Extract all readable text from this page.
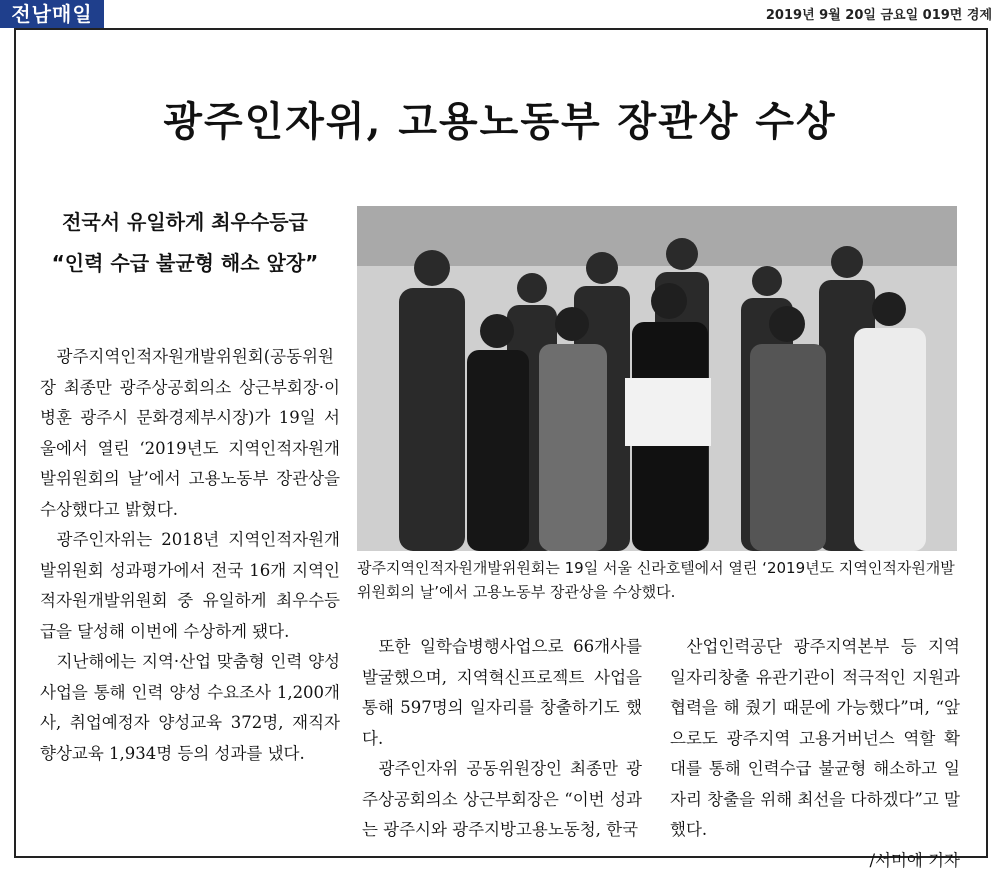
전남매일	2019년 9월 20일 금요일 019면 경제
광주인자위, 고용노동부 장관상 수상
전국서 유일하게 최우수등급
“인력 수급 불균형 해소 앞장”

광주지역인적자원개발위원회(공동위원장 최종만 광주상공회의소 상근부회장·이병훈 광주시 문화경제부시장)가 19일 서울에서 열린 ‘2019년도 지역인적자원개발위원회의 날’에서 고용노동부 장관상을 수상했다고 밝혔다.

광주인자위는 2018년 지역인적자원개발위원회 성과평가에서 전국 16개 지역인적자원개발위원회 중 유일하게 최우수등급을 달성해 이번에 수상하게 됐다.

지난해에는 지역·산업 맞춤형 인력 양성 사업을 통해 인력 양성 수요조사 1,200개사, 취업예정자 양성교육 372명, 재직자향상교육 1,934명 등의 성과를 냈다.

광주지역인적자원개발위원회는 19일 서울 신라호텔에서 열린 ‘2019년도 지역인적자원개발위원회의 날’에서 고용노동부 장관상을 수상했다.

또한 일학습병행사업으로 66개사를 발굴했으며, 지역혁신프로젝트 사업을 통해 597명의 일자리를 창출하기도 했다.

광주인자위 공동위원장인 최종만 광주상공회의소 상근부회장은 “이번 성과는 광주시와 광주지방고용노동청, 한국

산업인력공단 광주지역본부 등 지역 일자리창출 유관기관이 적극적인 지원과 협력을 해 줬기 때문에 가능했다”며, “앞으로도 광주지역 고용거버넌스 역할 확대를 통해 인력수급 불균형 해소하고 일자리 창출을 위해 최선을 다하겠다”고 말했다.

/서미애 기자
